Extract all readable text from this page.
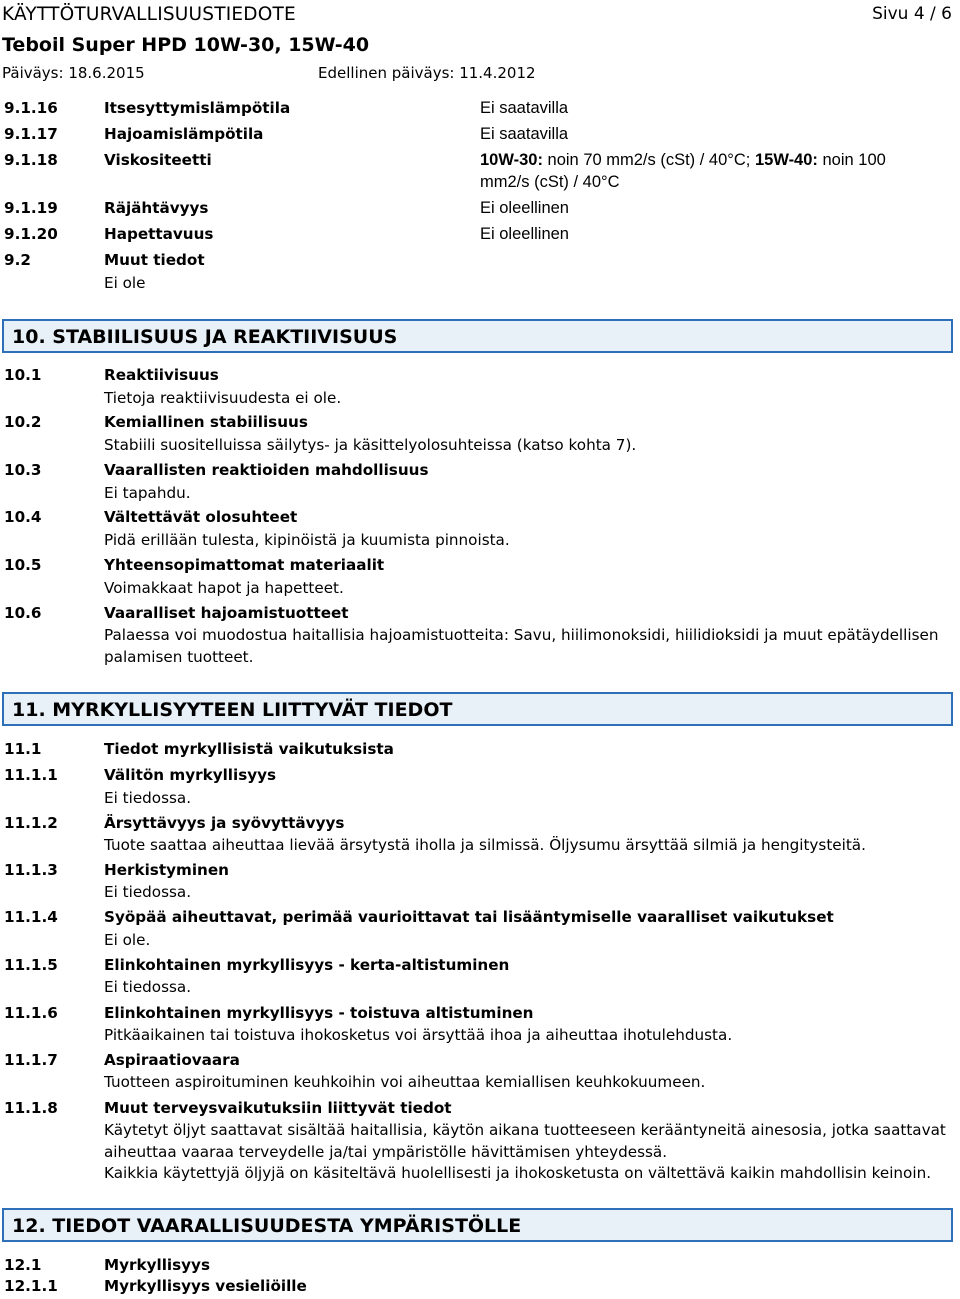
KÄYTTÖTURVALLISUUSTIEDOTE	Sivu 4 / 6
Teboil Super HPD 10W-30, 15W-40
Päiväys: 18.6.2015	Edellinen päiväys: 11.4.2012
9.1.16	Itsesyttymislämpötila	Ei saatavilla
9.1.17	Hajoamislämpötila	Ei saatavilla
9.1.18	Viskositeetti	10W-30: noin 70 mm2/s (cSt) / 40°C; 15W-40: noin 100
mm2/s (cSt) / 40°C
9.1.19	Räjähtävyys	Ei oleellinen
9.1.20	Hapettavuus	Ei oleellinen
9.2	Muut tiedot
Ei ole
10. STABIILISUUS JA REAKTIIVISUUS
10.1	Reaktiivisuus
Tietoja reaktiivisuudesta ei ole.
10.2	Kemiallinen stabiilisuus
Stabiili suositelluissa säilytys- ja käsittelyolosuhteissa (katso kohta 7).
10.3	Vaarallisten reaktioiden mahdollisuus
Ei tapahdu.
10.4	Vältettävät olosuhteet
Pidä erillään tulesta, kipinöistä ja kuumista pinnoista.
10.5	Yhteensopimattomat materiaalit
Voimakkaat hapot ja hapetteet.
10.6	Vaaralliset hajoamistuotteet
Palaessa voi muodostua haitallisia hajoamistuotteita: Savu, hiilimonoksidi, hiilidioksidi ja muut epätäydellisen
palamisen tuotteet.
11. MYRKYLLISYYTEEN LIITTYVÄT TIEDOT
11.1	Tiedot myrkyllisistä vaikutuksista
11.1.1	Välitön myrkyllisyys
Ei tiedossa.
11.1.2	Ärsyttävyys ja syövyttävyys
Tuote saattaa aiheuttaa lievää ärsytystä iholla ja silmissä. Öljysumu ärsyttää silmiä ja hengitysteitä.
11.1.3	Herkistyminen
Ei tiedossa.
11.1.4	Syöpää aiheuttavat, perimää vaurioittavat tai lisääntymiselle vaaralliset vaikutukset
Ei ole.
11.1.5	Elinkohtainen myrkyllisyys - kerta-altistuminen
Ei tiedossa.
11.1.6	Elinkohtainen myrkyllisyys - toistuva altistuminen
Pitkäaikainen tai toistuva ihokosketus voi ärsyttää ihoa ja aiheuttaa ihotulehdusta.
11.1.7	Aspiraatiovaara
Tuotteen aspiroituminen keuhkoihin voi aiheuttaa kemiallisen keuhkokuumeen.
11.1.8	Muut terveysvaikutuksiin liittyvät tiedot
Käytetyt öljyt saattavat sisältää haitallisia, käytön aikana tuotteeseen kerääntyneitä ainesosia, jotka saattavat
aiheuttaa vaaraa terveydelle ja/tai ympäristölle hävittämisen yhteydessä.
Kaikkia käytettyjä öljyjä on käsiteltävä huolellisesti ja ihokosketusta on vältettävä kaikin mahdollisin keinoin.
12. TIEDOT VAARALLISUUDESTA YMPÄRISTÖLLE
12.1	Myrkyllisyys
12.1.1	Myrkyllisyys vesieliöille
